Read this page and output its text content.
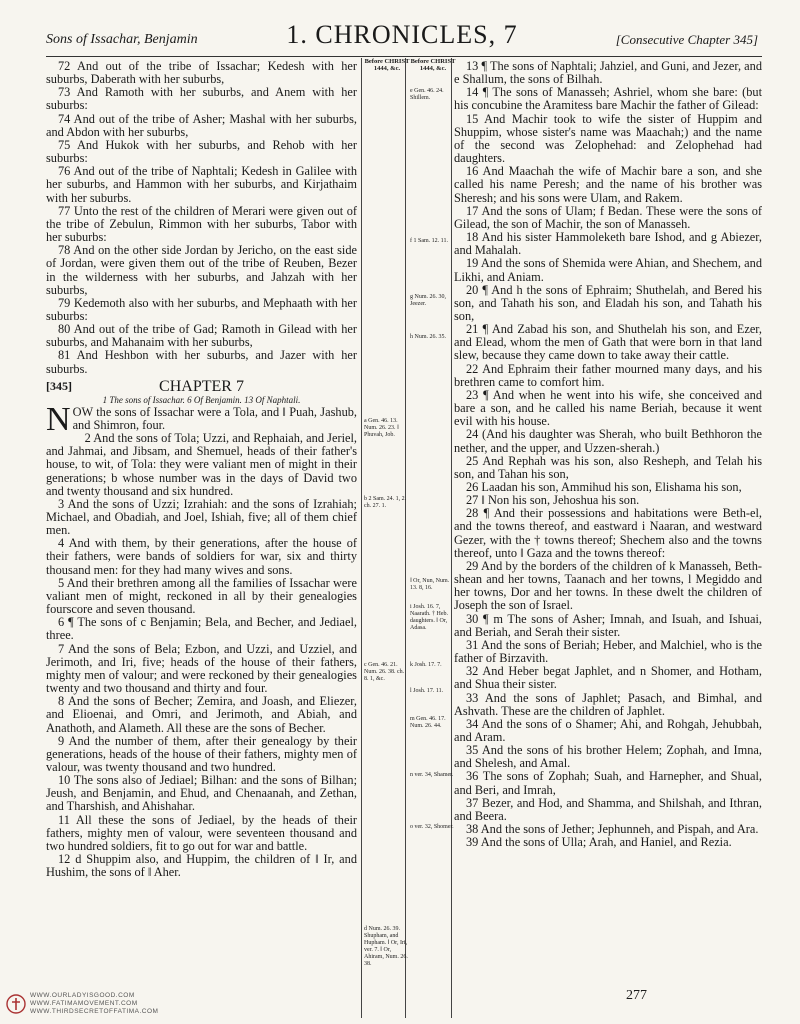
Sons of Issachar, Benjamin	1. CHRONICLES, 7	[Consecutive Chapter 345]

72 And out of the tribe of Issachar; Kedesh with her suburbs, Daberath with her suburbs,

73 And Ramoth with her suburbs, and Anem with her suburbs:

74 And out of the tribe of Asher; Mashal with her suburbs, and Abdon with her suburbs,

75 And Hukok with her suburbs, and Rehob with her suburbs:

76 And out of the tribe of Naphtali; Kedesh in Galilee with her suburbs, and Hammon with her suburbs, and Kirjathaim with her suburbs.

77 Unto the rest of the children of Merari were given out of the tribe of Zebulun, Rimmon with her suburbs, Tabor with her suburbs:

78 And on the other side Jordan by Jericho, on the east side of Jordan, were given them out of the tribe of Reuben, Bezer in the wilderness with her suburbs, and Jahzah with her suburbs,

79 Kedemoth also with her suburbs, and Mephaath with her suburbs:

80 And out of the tribe of Gad; Ramoth in Gilead with her suburbs, and Mahanaim with her suburbs,

81 And Heshbon with her suburbs, and Jazer with her suburbs.

[345]	CHAPTER 7
1 The sons of Issachar. 6 Of Benjamin. 13 Of Naphtali.

N OW the sons of Issachar were a Tola, and ‖ Puah, Jashub, and Shimron, four.

2 And the sons of Tola; Uzzi, and Rephaiah, and Jeriel, and Jahmai, and Jibsam, and Shemuel, heads of their father's house, to wit, of Tola: they were valiant men of might in their generations; b whose number was in the days of David two and twenty thousand and six hundred.

3 And the sons of Uzzi; Izrahiah: and the sons of Izrahiah; Michael, and Obadiah, and Joel, Ishiah, five; all of them chief men.

4 And with them, by their generations, after the house of their fathers, were bands of soldiers for war, six and thirty thousand men: for they had many wives and sons.

5 And their brethren among all the families of Issachar were valiant men of might, reckoned in all by their genealogies fourscore and seven thousand.

6 ¶ The sons of c Benjamin; Bela, and Becher, and Jediael, three.

7 And the sons of Bela; Ezbon, and Uzzi, and Uzziel, and Jerimoth, and Iri, five; heads of the house of their fathers, mighty men of valour; and were reckoned by their genealogies twenty and two thousand and thirty and four.

8 And the sons of Becher; Zemira, and Joash, and Eliezer, and Elioenai, and Omri, and Jerimoth, and Abiah, and Anathoth, and Alameth. All these are the sons of Becher.

9 And the number of them, after their genealogy by their generations, heads of the house of their fathers, mighty men of valour, was twenty thousand and two hundred.

10 The sons also of Jediael; Bilhan: and the sons of Bilhan; Jeush, and Benjamin, and Ehud, and Chenaanah, and Zethan, and Tharshish, and Ahishahar.

11 All these the sons of Jediael, by the heads of their fathers, mighty men of valour, were seventeen thousand and two hundred soldiers, fit to go out for war and battle.

12 d Shuppim also, and Huppim, the children of ‖ Ir, and Hushim, the sons of ‖ Aher.

Before CHRIST 1444, &c.
a Gen. 46. 13. Num. 26. 23. ‖ Phuvah, Job.
b 2 Sam. 24. 1, 2. ch. 27. 1.
c Gen. 46. 21. Num. 26. 38. ch. 8. 1, &c.
d Num. 26. 39. Shupham, and Hupham. ‖ Or, Iri, ver. 7. ‖ Or, Ahiram, Num. 26. 38.
Before CHRIST 1444, &c.
e Gen. 46. 24. Shillem.
f 1 Sam. 12. 11.
g Num. 26. 30, Jeezer.
h Num. 26. 35.
‖ Or, Nun, Num. 13. 8, 16.
i Josh. 16. 7, Naarath. † Heb. daughters. ‖ Or, Adasa.
k Josh. 17. 7.
l Josh. 17. 11.
m Gen. 46. 17. Num. 26. 44.
n ver. 34, Shamer.
o ver. 32, Shomer.

13 ¶ The sons of Naphtali; Jahziel, and Guni, and Jezer, and e Shallum, the sons of Bilhah.

14 ¶ The sons of Manasseh; Ashriel, whom she bare: (but his concubine the Aramitess bare Machir the father of Gilead:

15 And Machir took to wife the sister of Huppim and Shuppim, whose sister's name was Maachah;) and the name of the second was Zelophehad: and Zelophehad had daughters.

16 And Maachah the wife of Machir bare a son, and she called his name Peresh; and the name of his brother was Sheresh; and his sons were Ulam, and Rakem.

17 And the sons of Ulam; f Bedan. These were the sons of Gilead, the son of Machir, the son of Manasseh.

18 And his sister Hammoleketh bare Ishod, and g Abiezer, and Mahalah.

19 And the sons of Shemida were Ahian, and Shechem, and Likhi, and Aniam.

20 ¶ And h the sons of Ephraim; Shuthelah, and Bered his son, and Tahath his son, and Eladah his son, and Tahath his son,

21 ¶ And Zabad his son, and Shuthelah his son, and Ezer, and Elead, whom the men of Gath that were born in that land slew, because they came down to take away their cattle.

22 And Ephraim their father mourned many days, and his brethren came to comfort him.

23 ¶ And when he went into his wife, she conceived and bare a son, and he called his name Beriah, because it went evil with his house.

24 (And his daughter was Sherah, who built Bethhoron the nether, and the upper, and Uzzen-sherah.)

25 And Rephah was his son, also Resheph, and Telah his son, and Tahan his son,

26 Laadan his son, Ammihud his son, Elishama his son,

27 ‖ Non his son, Jehoshua his son.

28 ¶ And their possessions and habitations were Beth-el, and the towns thereof, and eastward i Naaran, and westward Gezer, with the † towns thereof; Shechem also and the towns thereof, unto ‖ Gaza and the towns thereof:

29 And by the borders of the children of k Manasseh, Beth-shean and her towns, Taanach and her towns, l Megiddo and her towns, Dor and her towns. In these dwelt the children of Joseph the son of Israel.

30 ¶ m The sons of Asher; Imnah, and Isuah, and Ishuai, and Beriah, and Serah their sister.

31 And the sons of Beriah; Heber, and Malchiel, who is the father of Birzavith.

32 And Heber begat Japhlet, and n Shomer, and Hotham, and Shua their sister.

33 And the sons of Japhlet; Pasach, and Bimhal, and Ashvath. These are the children of Japhlet.

34 And the sons of o Shamer; Ahi, and Rohgah, Jehubbah, and Aram.

35 And the sons of his brother Helem; Zophah, and Imna, and Shelesh, and Amal.

36 The sons of Zophah; Suah, and Harnepher, and Shual, and Beri, and Imrah,

37 Bezer, and Hod, and Shamma, and Shilshah, and Ithran, and Beera.

38 And the sons of Jether; Jephunneh, and Pispah, and Ara.

39 And the sons of Ulla; Arah, and Haniel, and Rezia.

WWW.OURLADYISGOOD.COM
WWW.FATIMAMOVEMENT.COM
WWW.THIRDSECRETOFFATIMA.COM
277
